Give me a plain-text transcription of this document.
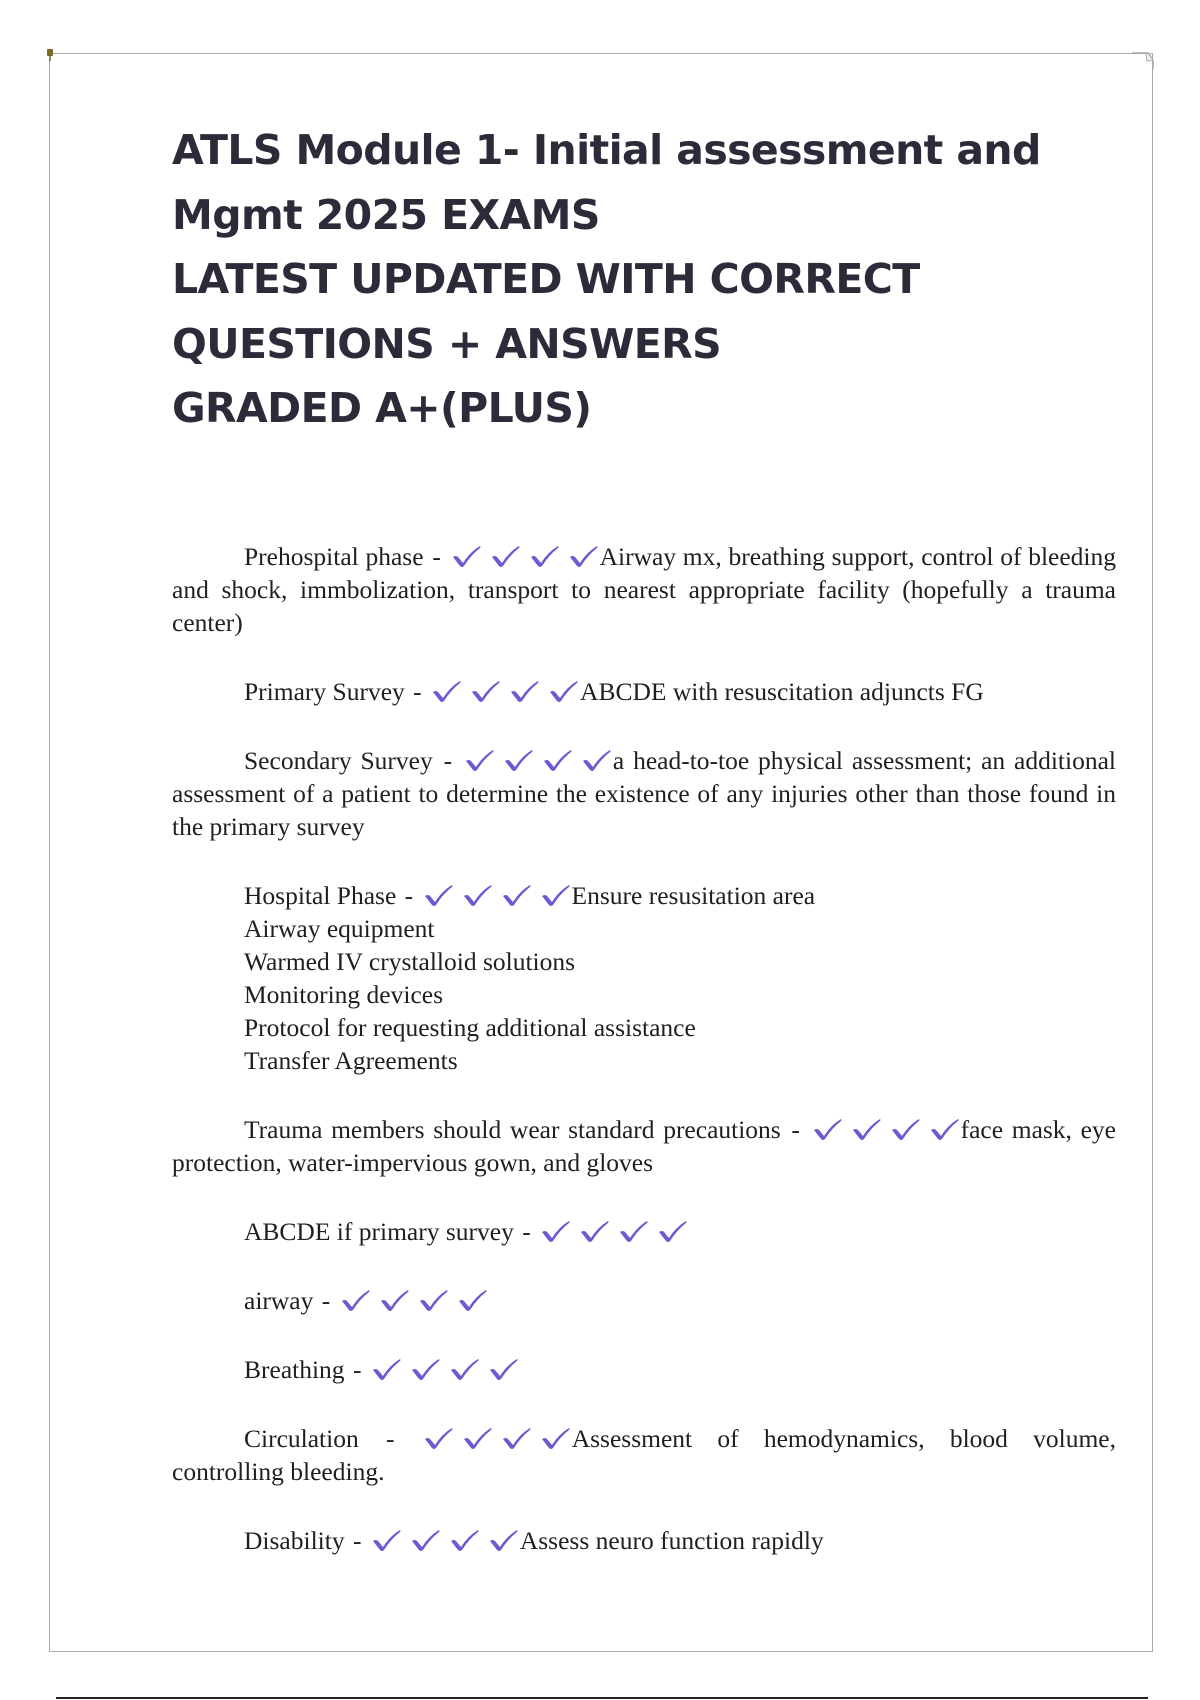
ATLS Module 1- Initial assessment and
Mgmt 2025 EXAMS
LATEST UPDATED WITH CORRECT
QUESTIONS + ANSWERS
GRADED A+(PLUS)

Prehospital phase -	Airway mx, breathing support, control of bleeding and shock, immbolization, transport to nearest appropriate facility (hopefully a trauma center)

Primary Survey -	ABCDE with resuscitation adjuncts FG

Secondary Survey -	a head-to-toe physical assessment; an additional assessment of a patient to determine the existence of any injuries other than those found in the primary survey

Hospital Phase -	Ensure resusitation area
Airway equipment
Warmed IV crystalloid solutions
Monitoring devices
Protocol for requesting additional assistance
Transfer Agreements

Trauma members should wear standard precautions -	face mask, eye protection, water-impervious gown, and gloves

ABCDE if primary survey -

airway -

Breathing -

Circulation -	Assessment of hemodynamics, blood volume, controlling bleeding.

Disability -	Assess neuro function rapidly
